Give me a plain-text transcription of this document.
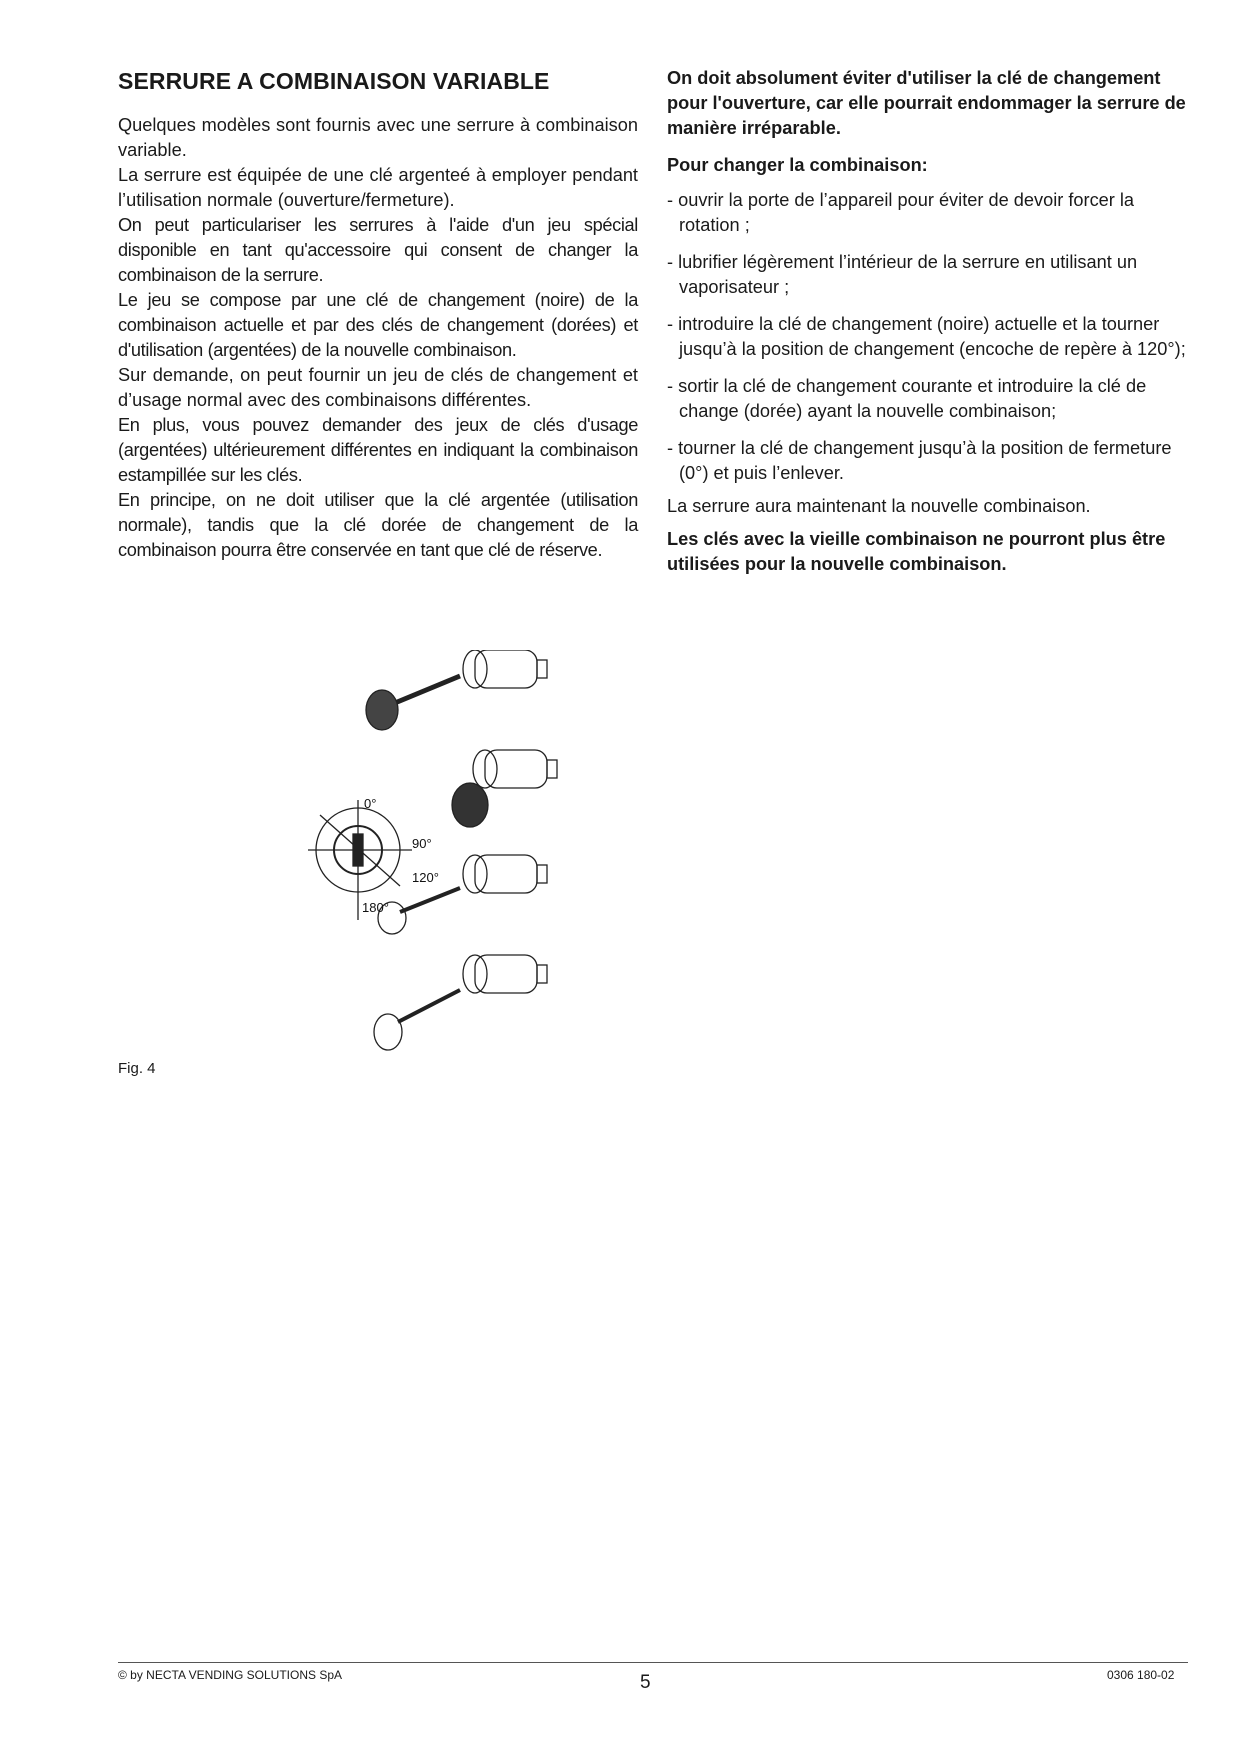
SERRURE A COMBINAISON VARIABLE

Quelques modèles sont fournis avec une serrure à combinaison variable.

La serrure est équipée de une clé argenteé à employer pendant l’utilisation normale (ouverture/fermeture).

On peut particulariser les serrures à l'aide d'un jeu spécial disponible en tant qu'accessoire qui consent de changer la combinaison de la serrure.

Le jeu se compose par une clé de changement (noire) de la combinaison actuelle et par des clés de changement (dorées) et d'utilisation (argentées) de la nouvelle combinaison.

Sur demande, on peut fournir un jeu de clés de changement et d’usage normal avec des combinaisons différentes.

En plus, vous pouvez demander des jeux de clés d'usage (argentées) ultérieurement différentes en indiquant la combinaison estampillée sur les clés.

En principe, on ne doit utiliser que la clé argentée (utilisation normale), tandis que la clé dorée de changement de la combinaison pourra être conservée en tant que clé de réserve.

On doit absolument éviter d'utiliser la clé de changement pour l'ouverture, car elle pourrait endommager la serrure de manière irréparable.

Pour changer la combinaison:

- ouvrir la porte de l’appareil pour éviter de devoir forcer la rotation ;
- lubrifier légèrement l’intérieur de la serrure en utilisant un vaporisateur ;
- introduire la clé de changement (noire) actuelle et la tourner jusqu’à la position de changement (encoche de repère à 120°);
- sortir la clé de changement courante et introduire la clé de change (dorée) ayant la nouvelle combinaison;
- tourner la clé de changement jusqu’à la position de fermeture (0°) et puis l’enlever.

La serrure aura maintenant la nouvelle combinaison.

Les clés avec la vieille combinaison ne pourront plus être utilisées pour la nouvelle combinaison.

0°
90°
120°
180°
Fig. 4
© by NECTA VENDING SOLUTIONS SpA	5	0306 180-02
